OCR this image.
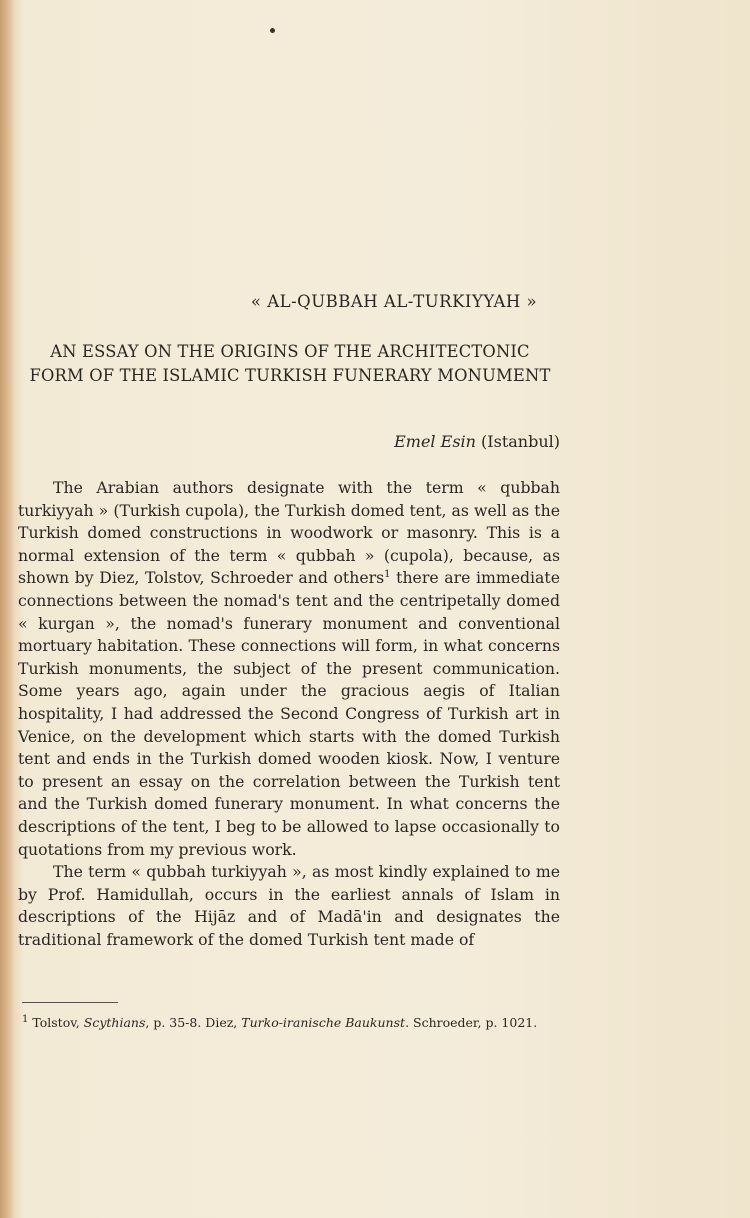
« AL-QUBBAH AL-TURKIYYAH »
AN ESSAY ON THE ORIGINS OF THE ARCHITECTONIC
FORM OF THE ISLAMIC TURKISH FUNERARY MONUMENT
Emel Esin (Istanbul)

The Arabian authors designate with the term « qubbah turkiyyah » (Turkish cupola), the Turkish domed tent, as well as the Turkish domed constructions in woodwork or masonry. This is a normal extension of the term « qubbah » (cupola), because, as shown by Diez, Tolstov, Schroeder and others$^1$ there are immediate connections between the nomad's tent and the centripetally domed « kurgan », the nomad's funerary monument and conventional mortuary habitation. These connections will form, in what concerns Turkish monuments, the subject of the present communication. Some years ago, again under the gracious aegis of Italian hospitality, I had addressed the Second Congress of Turkish art in Venice, on the development which starts with the domed Turkish tent and ends in the Turkish domed wooden kiosk. Now, I venture to present an essay on the correlation between the Turkish tent and the Turkish domed funerary monument. In what concerns the descriptions of the tent, I beg to be allowed to lapse occasionally to quotations from my previous work.

The term « qubbah turkiyyah », as most kindly explained to me by Prof. Hamidullah, occurs in the earliest annals of Islam in descriptions of the Hijāz and of Madā'in and designates the traditional framework of the domed Turkish tent made of

$^1$ Tolstov, Scythians, p. 35-8. Diez, Turko-iranische Baukunst. Schroeder, p. 1021.
